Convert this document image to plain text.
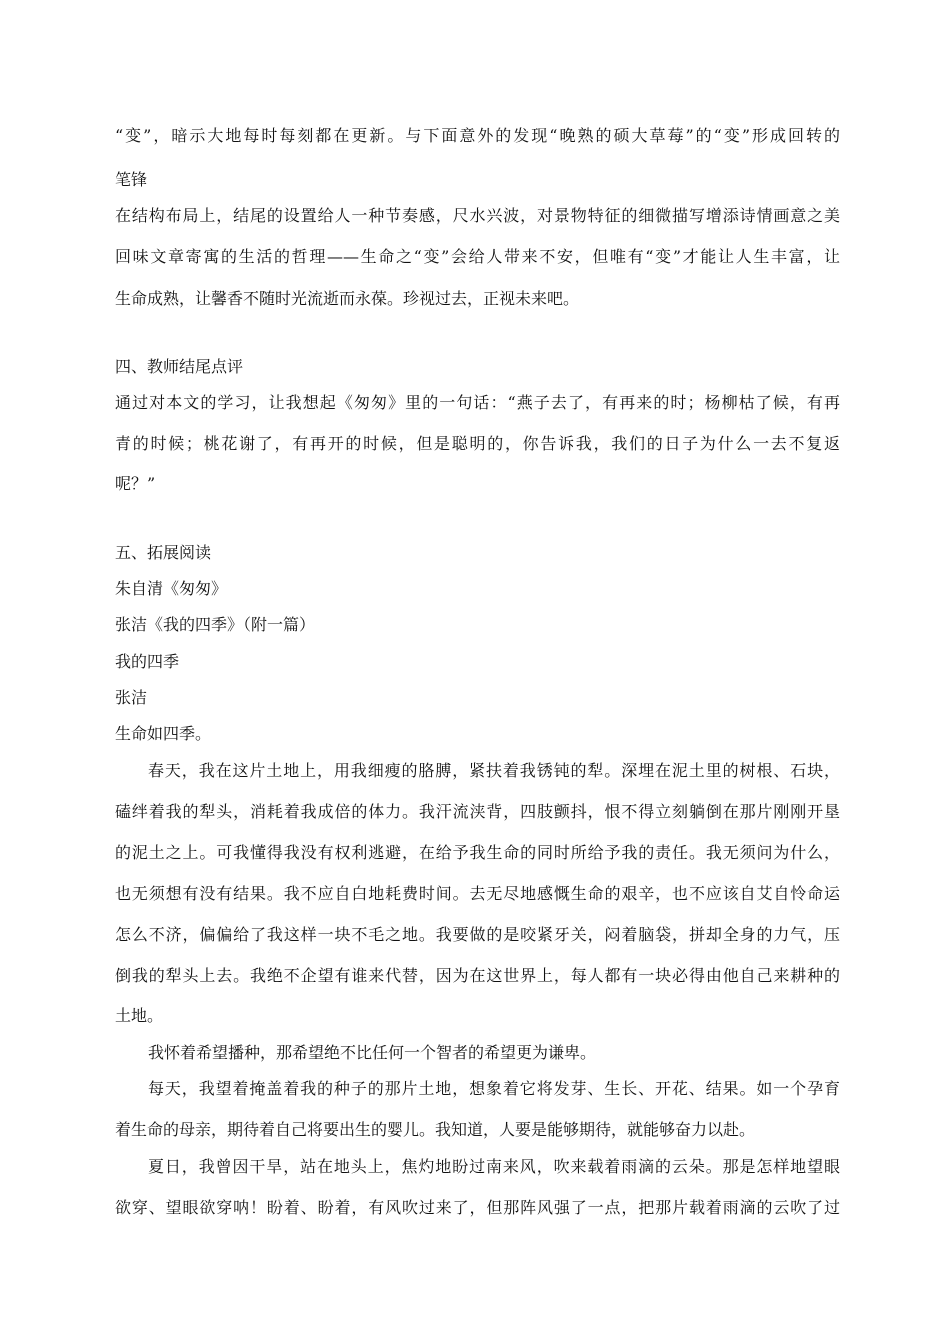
“变”，暗示大地每时每刻都在更新。与下面意外的发现“晚熟的硕大草莓”的“变”形成回转的
笔锋
在结构布局上，结尾的设置给人一种节奏感，尺水兴波，对景物特征的细微描写增添诗情画意之美
回味文章寄寓的生活的哲理——生命之“变”会给人带来不安，但唯有“变”才能让人生丰富，让
生命成熟，让馨香不随时光流逝而永葆。珍视过去，正视未来吧。
四、教师结尾点评
通过对本文的学习，让我想起《匆匆》里的一句话：“燕子去了，有再来的时；杨柳枯了候，有再
青的时候；桃花谢了，有再开的时候，但是聪明的，你告诉我，我们的日子为什么一去不复返
呢？”
五、拓展阅读
朱自清《匆匆》
张洁《我的四季》（附一篇）
我的四季
张洁
生命如四季。
春天，我在这片土地上，用我细瘦的胳膊，紧扶着我锈钝的犁。深埋在泥土里的树根、石块，
磕绊着我的犁头，消耗着我成倍的体力。我汗流浃背，四肢颤抖，恨不得立刻躺倒在那片刚刚开垦
的泥土之上。可我懂得我没有权利逃避，在给予我生命的同时所给予我的责任。我无须问为什么，
也无须想有没有结果。我不应自白地耗费时间。去无尽地感慨生命的艰辛，也不应该自艾自怜命运
怎么不济，偏偏给了我这样一块不毛之地。我要做的是咬紧牙关，闷着脑袋，拼却全身的力气，压
倒我的犁头上去。我绝不企望有谁来代替，因为在这世界上，每人都有一块必得由他自己来耕种的
土地。
我怀着希望播种，那希望绝不比任何一个智者的希望更为谦卑。
每天，我望着掩盖着我的种子的那片土地，想象着它将发芽、生长、开花、结果。如一个孕育
着生命的母亲，期待着自己将要出生的婴儿。我知道，人要是能够期待，就能够奋力以赴。
夏日，我曾因干旱，站在地头上，焦灼地盼过南来风，吹来载着雨滴的云朵。那是怎样地望眼
欲穿、望眼欲穿呐！盼着、盼着，有风吹过来了，但那阵风强了一点，把那片载着雨滴的云吹了过
